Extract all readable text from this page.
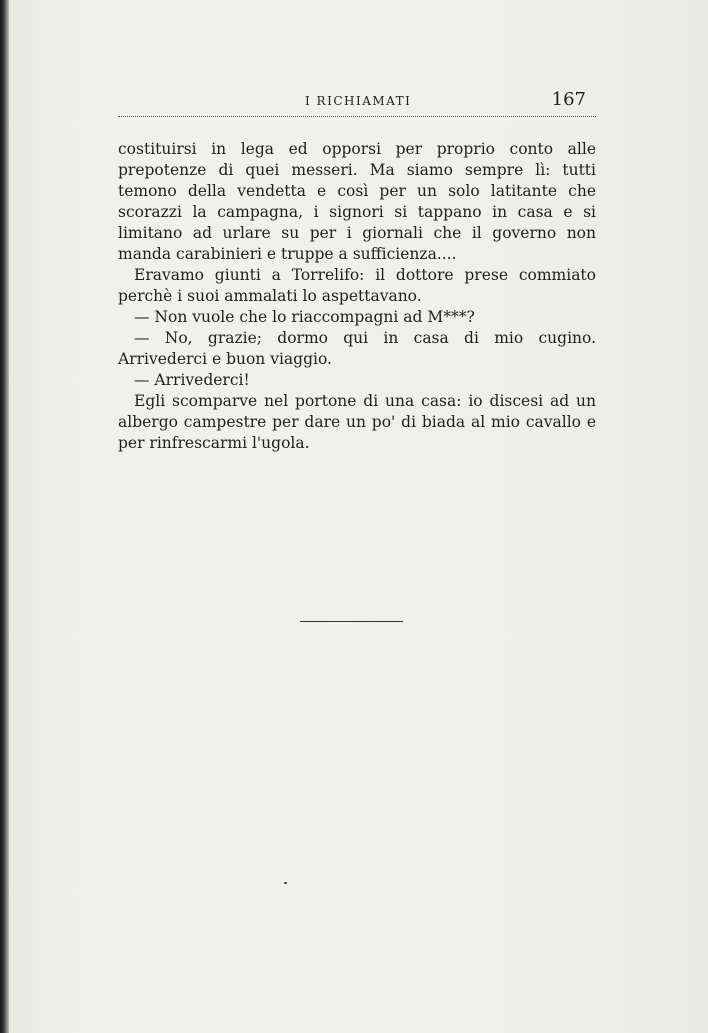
I RICHIAMATI	167

costituirsi in lega ed opporsi per proprio conto alle prepotenze di quei messeri. Ma siamo sempre lì: tutti temono della vendetta e così per un solo latitante che scorazzi la campagna, i signori si tappano in casa e si limitano ad urlare su per i giornali che il governo non manda carabinieri e truppe a sufficienza....

Eravamo giunti a Torrelifo: il dottore prese commiato perchè i suoi ammalati lo aspettavano.

— Non vuole che lo riaccompagni ad M***?

— No, grazie; dormo qui in casa di mio cugino. Arrivederci e buon viaggio.

— Arrivederci!

Egli scomparve nel portone di una casa: io discesi ad un albergo campestre per dare un po' di biada al mio cavallo e per rinfrescarmi l'ugola.
